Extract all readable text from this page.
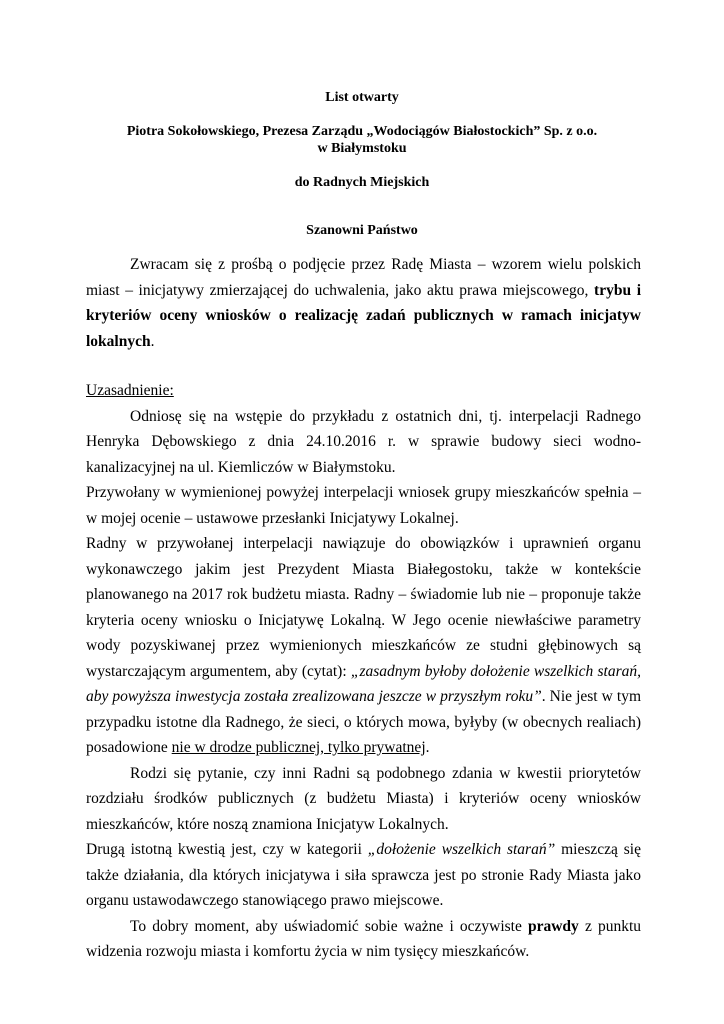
List otwarty

Piotra Sokołowskiego, Prezesa Zarządu „Wodociągów Białostockich” Sp. z o.o.

w Białymstoku

do Radnych Miejskich

Szanowni Państwo

Zwracam się z prośbą o podjęcie przez Radę Miasta – wzorem wielu polskich miast – inicjatywy zmierzającej do uchwalenia, jako aktu prawa miejscowego, trybu i kryteriów oceny wniosków o realizację zadań publicznych w ramach inicjatyw lokalnych.

Uzasadnienie:

Odniosę się na wstępie do przykładu z ostatnich dni, tj. interpelacji Radnego Henryka Dębowskiego z dnia 24.10.2016 r. w sprawie budowy sieci wodno-kanalizacyjnej na ul. Kiemliczów w Białymstoku.

Przywołany w wymienionej powyżej interpelacji wniosek grupy mieszkańców spełnia – w mojej ocenie – ustawowe przesłanki Inicjatywy Lokalnej.

Radny w przywołanej interpelacji nawiązuje do obowiązków i uprawnień organu wykonawczego jakim jest Prezydent Miasta Białegostoku, także w kontekście planowanego na 2017 rok budżetu miasta. Radny – świadomie lub nie – proponuje także kryteria oceny wniosku o Inicjatywę Lokalną. W Jego ocenie niewłaściwe parametry wody pozyskiwanej przez wymienionych mieszkańców ze studni głębinowych są wystarczającym argumentem, aby (cytat): „zasadnym byłoby dołożenie wszelkich starań, aby powyższa inwestycja została zrealizowana jeszcze w przyszłym roku”. Nie jest w tym przypadku istotne dla Radnego, że sieci, o których mowa, byłyby (w obecnych realiach) posadowione nie w drodze publicznej, tylko prywatnej.

Rodzi się pytanie, czy inni Radni są podobnego zdania w kwestii priorytetów rozdziału środków publicznych (z budżetu Miasta) i kryteriów oceny wniosków mieszkańców, które noszą znamiona Inicjatyw Lokalnych.

Drugą istotną kwestią jest, czy w kategorii „dołożenie wszelkich starań” mieszczą się także działania, dla których inicjatywa i siła sprawcza jest po stronie Rady Miasta jako organu ustawodawczego stanowiącego prawo miejscowe.

To dobry moment, aby uświadomić sobie ważne i oczywiste prawdy z punktu widzenia rozwoju miasta i komfortu życia w nim tysięcy mieszkańców.
